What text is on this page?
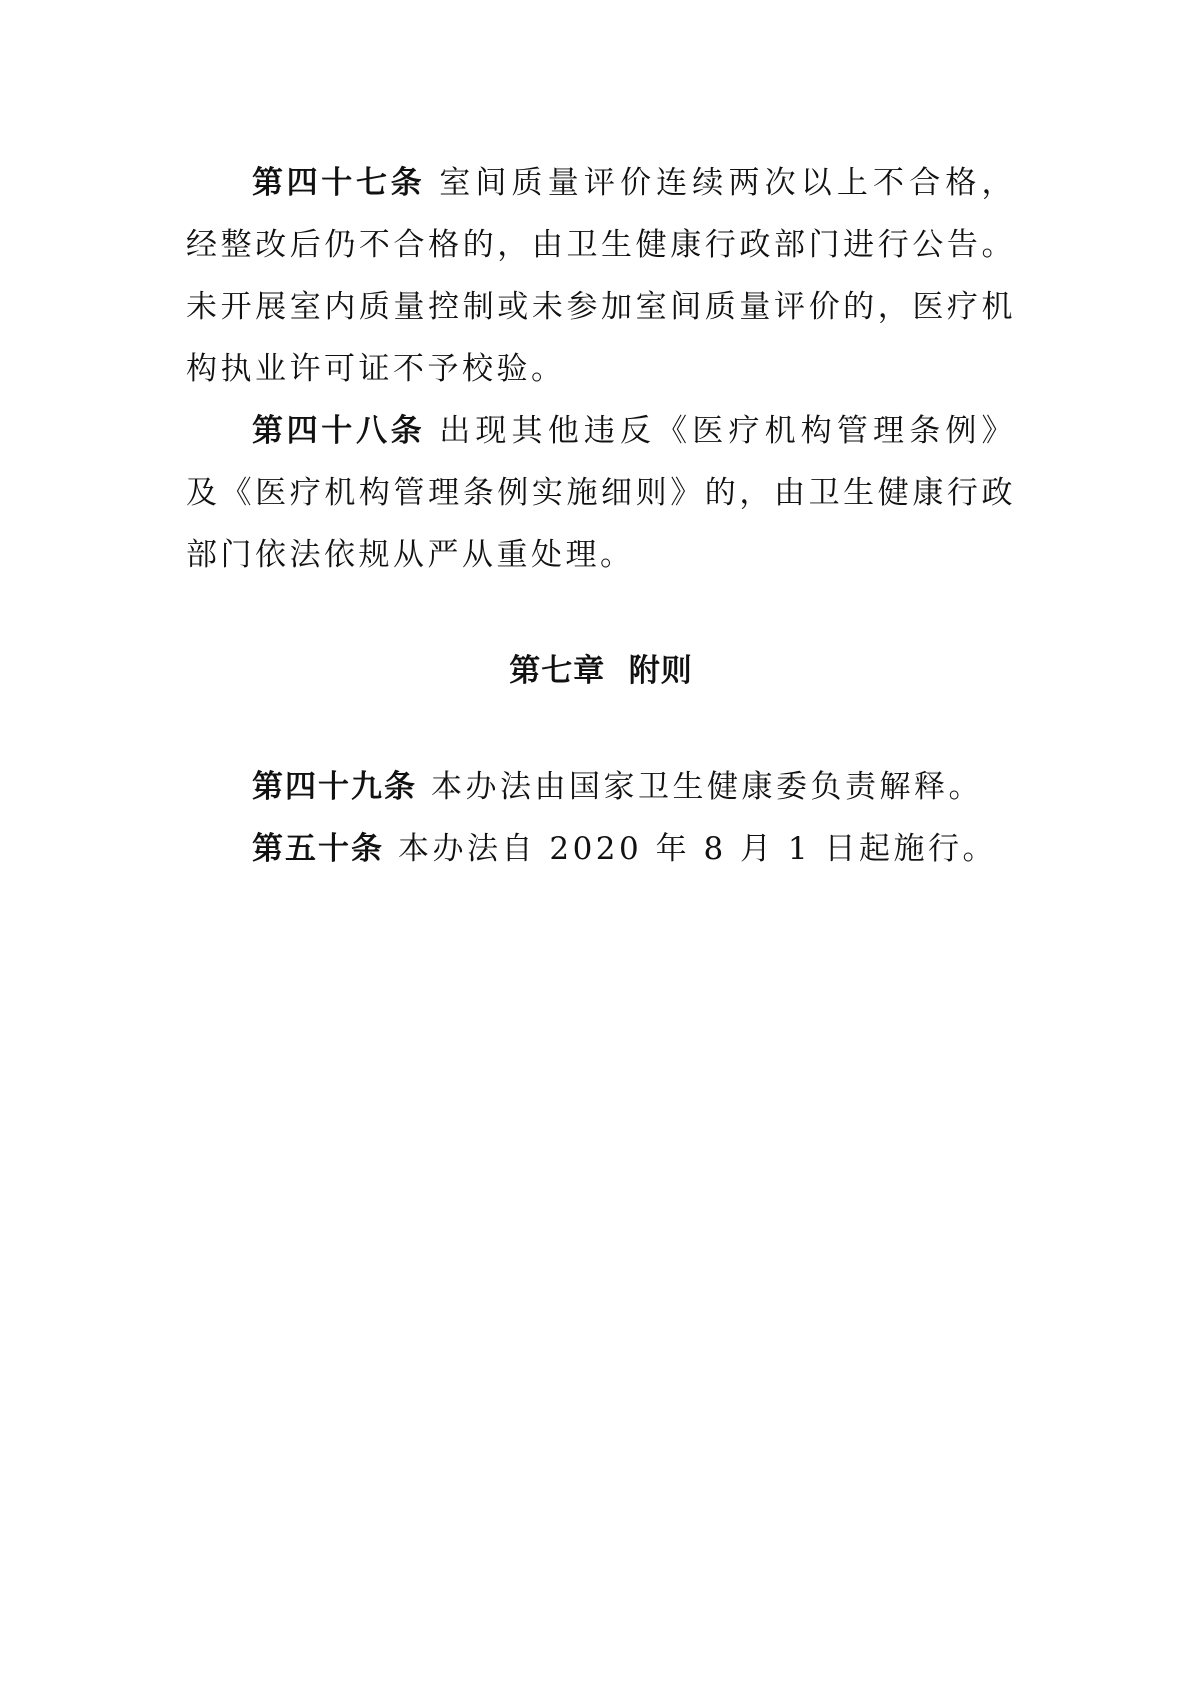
第四十七条 室间质量评价连续两次以上不合格，经整改后仍不合格的，由卫生健康行政部门进行公告。未开展室内质量控制或未参加室间质量评价的，医疗机构执业许可证不予校验。

第四十八条 出现其他违反《医疗机构管理条例》及《医疗机构管理条例实施细则》的，由卫生健康行政部门依法依规从严从重处理。

第七章 附则

第四十九条 本办法由国家卫生健康委负责解释。

第五十条 本办法自 2020 年 8 月 1 日起施行。
